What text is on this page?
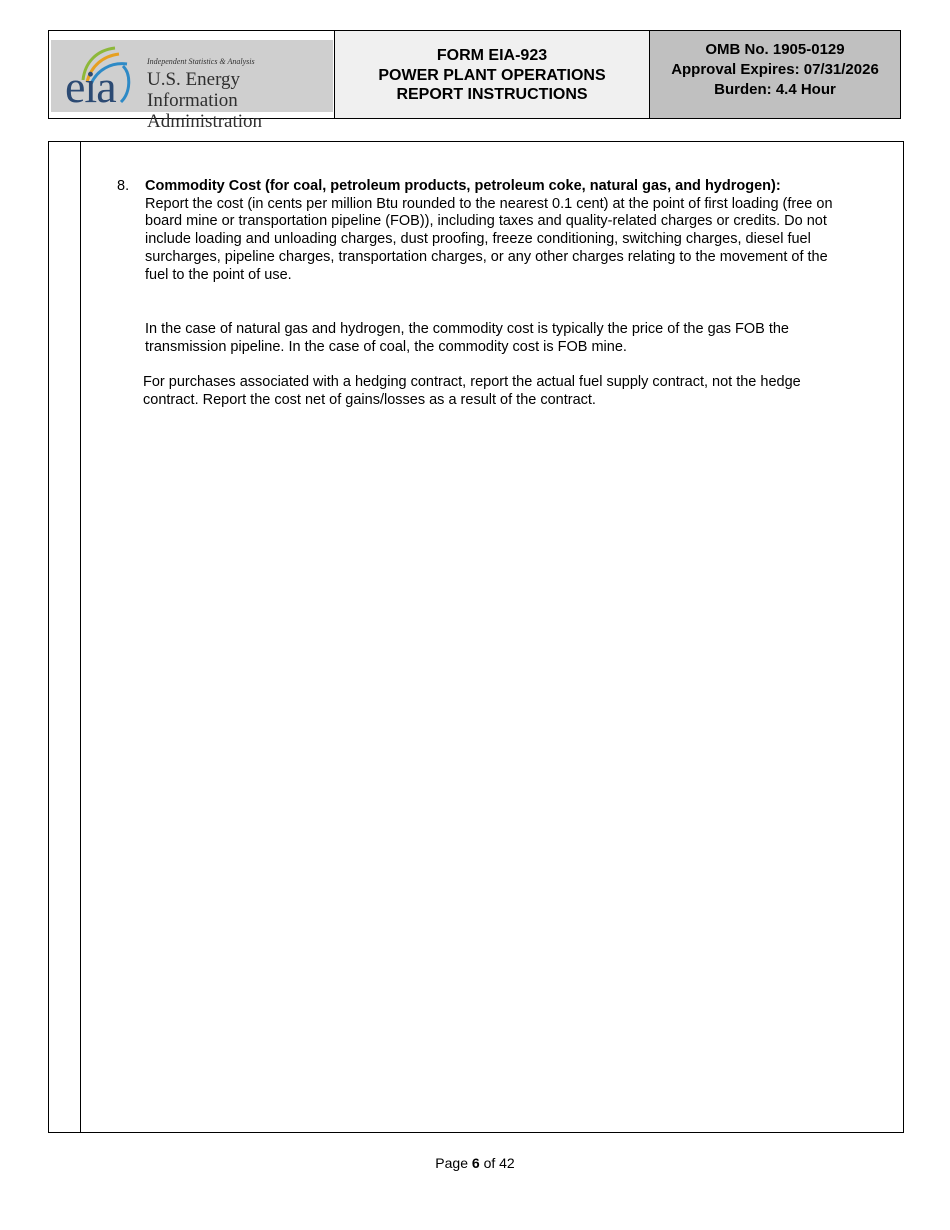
eia	Independent Statistics & Analysis
U.S. Energy Information
Administration
FORM EIA-923
POWER PLANT OPERATIONS
REPORT INSTRUCTIONS
OMB No. 1905-0129
Approval Expires: 07/31/2026
Burden: 4.4 Hour
8. Commodity Cost (for coal, petroleum products, petroleum coke, natural gas, and hydrogen):
Report the cost (in cents per million Btu rounded to the nearest 0.1 cent) at the point of first loading (free on board mine or transportation pipeline (FOB)), including taxes and quality-related charges or credits. Do not include loading and unloading charges, dust proofing, freeze conditioning, switching charges, diesel fuel surcharges, pipeline charges, transportation charges, or any other charges relating to the movement of the fuel to the point of use.
In the case of natural gas and hydrogen, the commodity cost is typically the price of the gas FOB the transmission pipeline. In the case of coal, the commodity cost is FOB mine.
For purchases associated with a hedging contract, report the actual fuel supply contract, not the hedge contract. Report the cost net of gains/losses as a result of the contract.
Page 6 of 42
